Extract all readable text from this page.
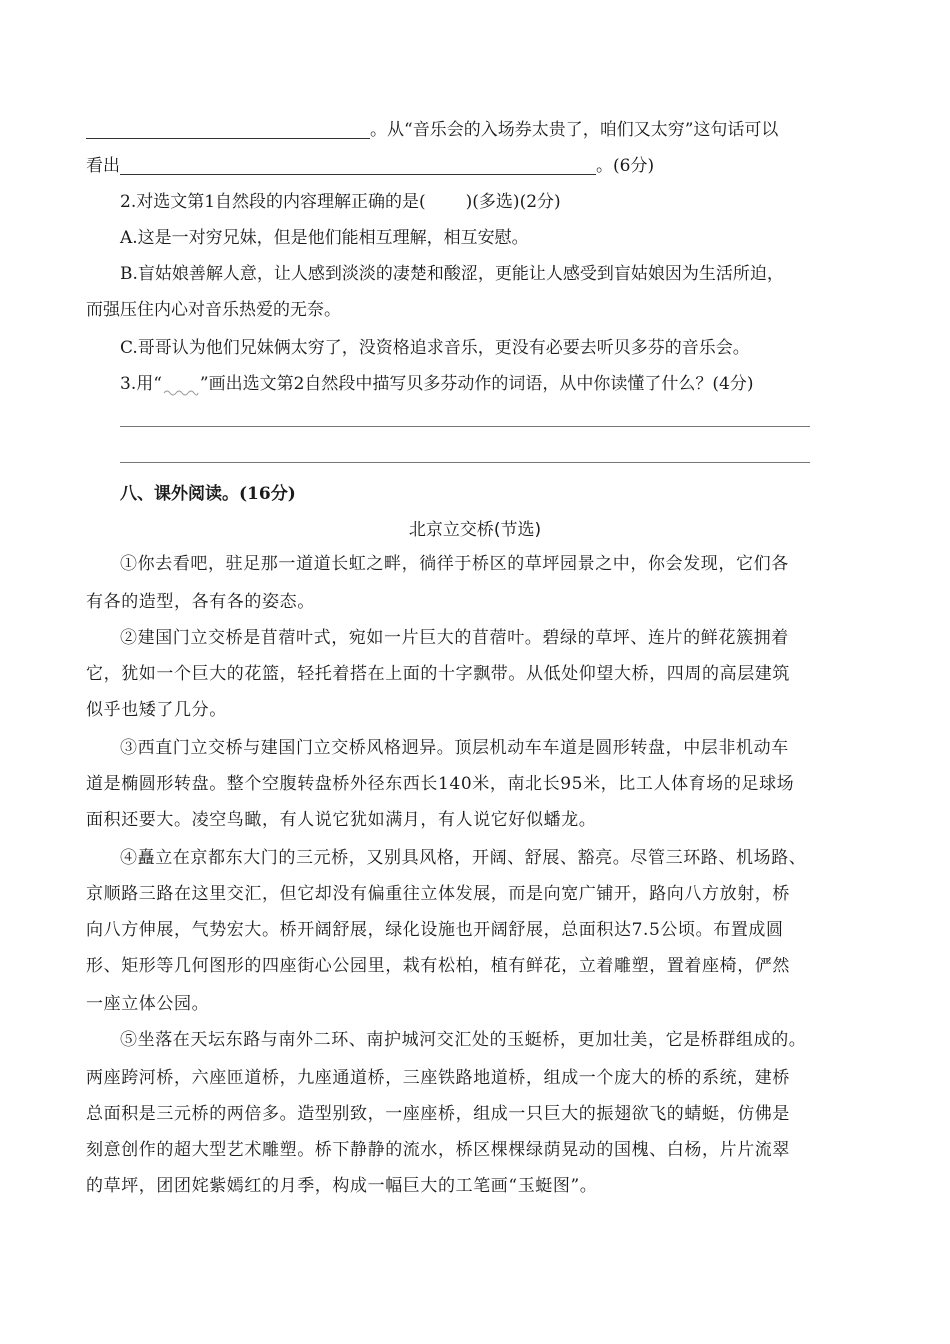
。从“音乐会的入场券太贵了，咱们又太穷”这句话可以
看出	。(6分)
2.对选文第1自然段的内容理解正确的是( )(多选)(2分)
A.这是一对穷兄妹，但是他们能相互理解，相互安慰。
B.盲姑娘善解人意，让人感到淡淡的凄楚和酸涩，更能让人感受到盲姑娘因为生活所迫，
而强压住内心对音乐热爱的无奈。
C.哥哥认为他们兄妹俩太穷了，没资格追求音乐，更没有必要去听贝多芬的音乐会。
3.用“ ”画出选文第2自然段中描写贝多芬动作的词语，从中你读懂了什么？(4分)
八、课外阅读。(16分)
北京立交桥(节选)
①你去看吧，驻足那一道道长虹之畔，徜徉于桥区的草坪园景之中，你会发现，它们各
有各的造型，各有各的姿态。
②建国门立交桥是苜蓿叶式，宛如一片巨大的苜蓿叶。碧绿的草坪、连片的鲜花簇拥着
它，犹如一个巨大的花篮，轻托着搭在上面的十字飘带。从低处仰望大桥，四周的高层建筑
似乎也矮了几分。
③西直门立交桥与建国门立交桥风格迥异。顶层机动车车道是圆形转盘，中层非机动车
道是椭圆形转盘。整个空腹转盘桥外径东西长140米，南北长95米，比工人体育场的足球场
面积还要大。凌空鸟瞰，有人说它犹如满月，有人说它好似蟠龙。
④矗立在京都东大门的三元桥，又别具风格，开阔、舒展、豁亮。尽管三环路、机场路、
京顺路三路在这里交汇，但它却没有偏重往立体发展，而是向宽广铺开，路向八方放射，桥
向八方伸展，气势宏大。桥开阔舒展，绿化设施也开阔舒展，总面积达7.5公顷。布置成圆
形、矩形等几何图形的四座街心公园里，栽有松柏，植有鲜花，立着雕塑，置着座椅，俨然
一座立体公园。
⑤坐落在天坛东路与南外二环、南护城河交汇处的玉蜓桥，更加壮美，它是桥群组成的。
两座跨河桥，六座匝道桥，九座通道桥，三座铁路地道桥，组成一个庞大的桥的系统，建桥
总面积是三元桥的两倍多。造型别致，一座座桥，组成一只巨大的振翅欲飞的蜻蜓，仿佛是
刻意创作的超大型艺术雕塑。桥下静静的流水，桥区棵棵绿荫晃动的国槐、白杨，片片流翠
的草坪，团团姹紫嫣红的月季，构成一幅巨大的工笔画“玉蜓图”。
